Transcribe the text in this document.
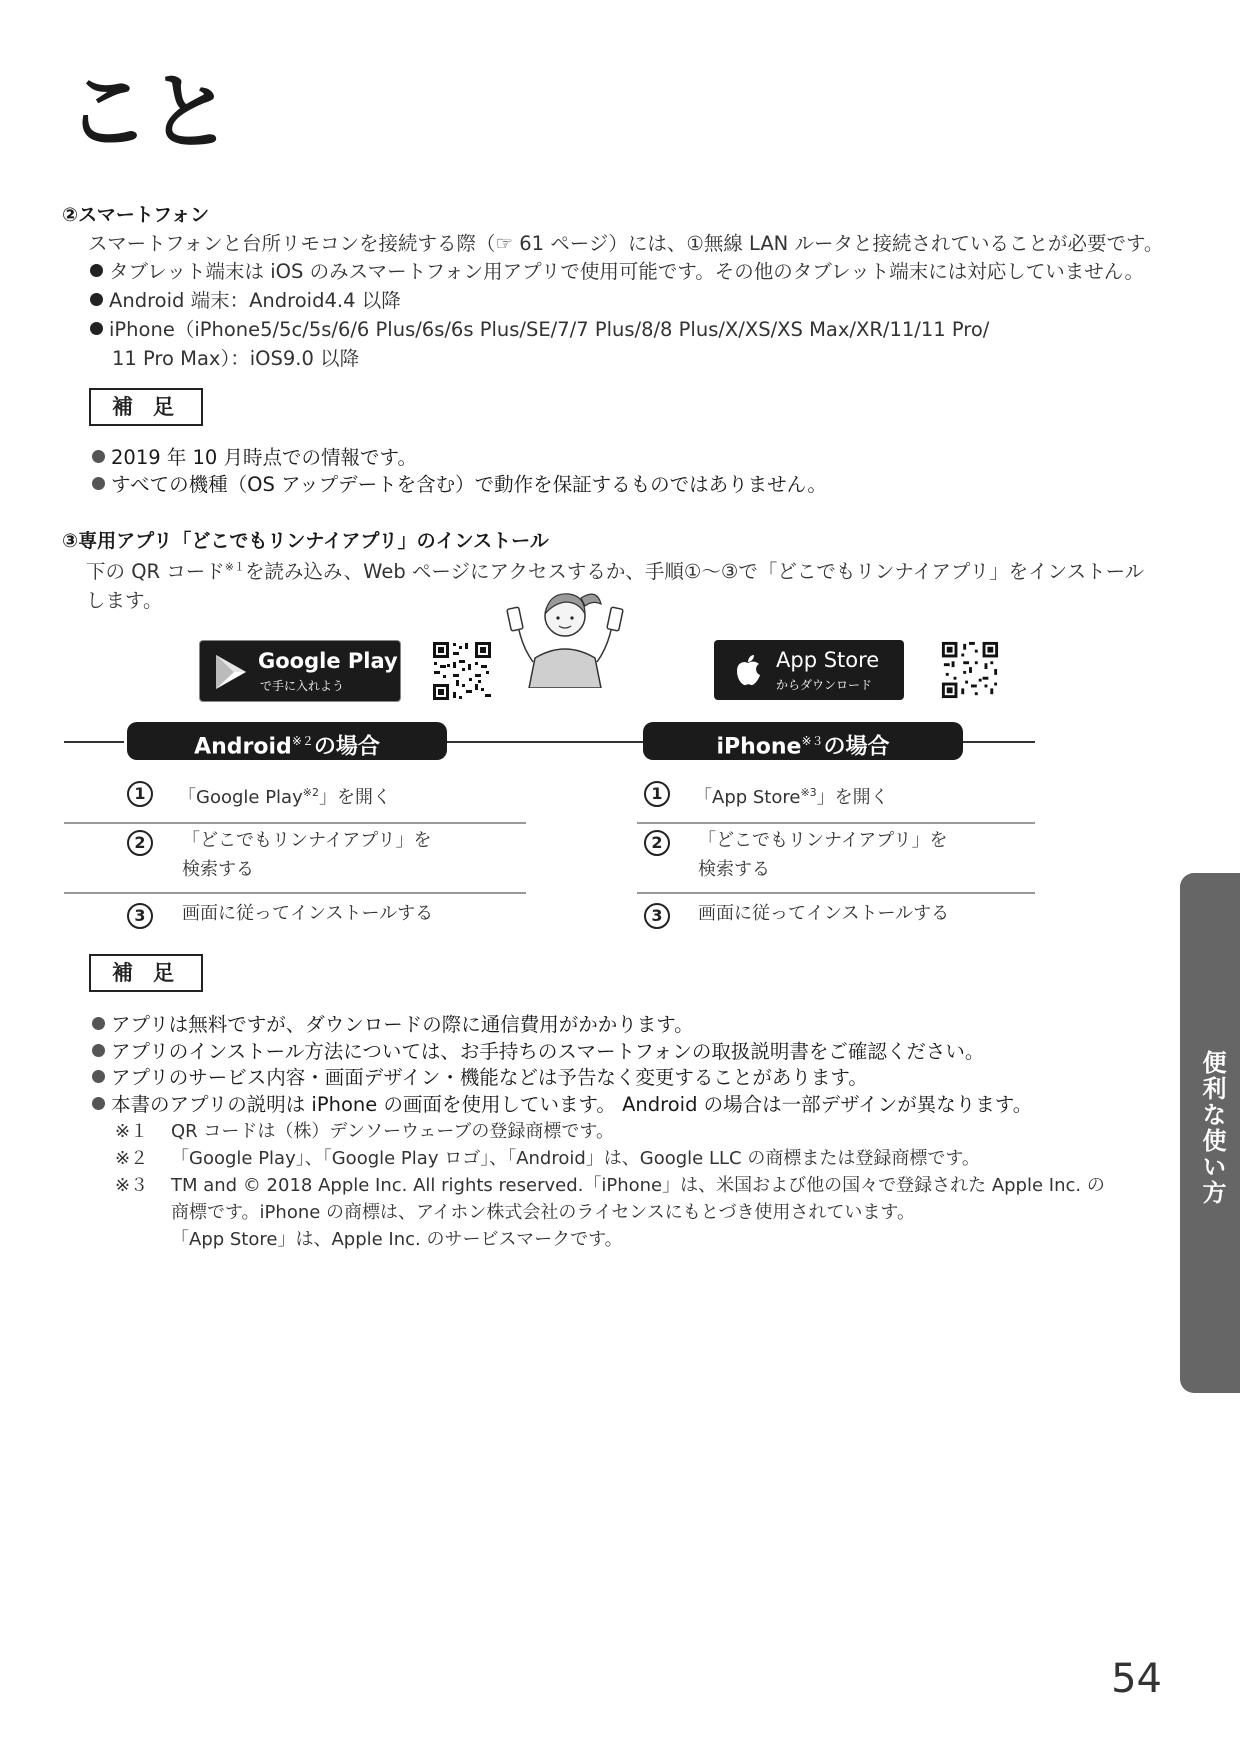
こと
②スマートフォン
スマートフォンと台所リモコンを接続する際（☞ 61 ページ）には、①無線 LAN ルータと接続されていることが必要です。
タブレット端末は iOS のみスマートフォン用アプリで使用可能です。その他のタブレット端末には対応していません。
Android 端末：Android4.4 以降
iPhone（iPhone5/5c/5s/6/6 Plus/6s/6s Plus/SE/7/7 Plus/8/8 Plus/X/XS/XS Max/XR/11/11 Pro/
11 Pro Max）：iOS9.0 以降
補足
2019 年 10 月時点での情報です。
すべての機種（OS アップデートを含む）で動作を保証するものではありません。
③専用アプリ「どこでもリンナイアプリ」のインストール
下の QR コード$^{※1}$を読み込み、Web ページにアクセスするか、手順①〜③で「どこでもリンナイアプリ」をインストール
します。
Google Play
で手に入れよう
App Store
からダウンロード
Android$^{※2}$の場合	iPhone$^{※3}$の場合
1	「Google Play$^{※2}$」を開く
2	「どこでもリンナイアプリ」を
検索する
3	画面に従ってインストールする
1	「App Store$^{※3}$」を開く
2	「どこでもリンナイアプリ」を
検索する
3	画面に従ってインストールする
補足
アプリは無料ですが、ダウンロードの際に通信費用がかかります。
アプリのインストール方法については、お手持ちのスマートフォンの取扱説明書をご確認ください。
アプリのサービス内容・画面デザイン・機能などは予告なく変更することがあります。
本書のアプリの説明は iPhone の画面を使用しています。 Android の場合は一部デザインが異なります。
※１ QR コードは（株）デンソーウェーブの登録商標です。
※２ 「Google Play」、「Google Play ロゴ」、「Android」は、Google LLC の商標または登録商標です。
※３ TM and © 2018 Apple Inc. All rights reserved.「iPhone」は、米国および他の国々で登録された Apple Inc. の
商標です。iPhone の商標は、アイホン株式会社のライセンスにもとづき使用されています。
「App Store」は、Apple Inc. のサービスマークです。
便利な使い方
54
